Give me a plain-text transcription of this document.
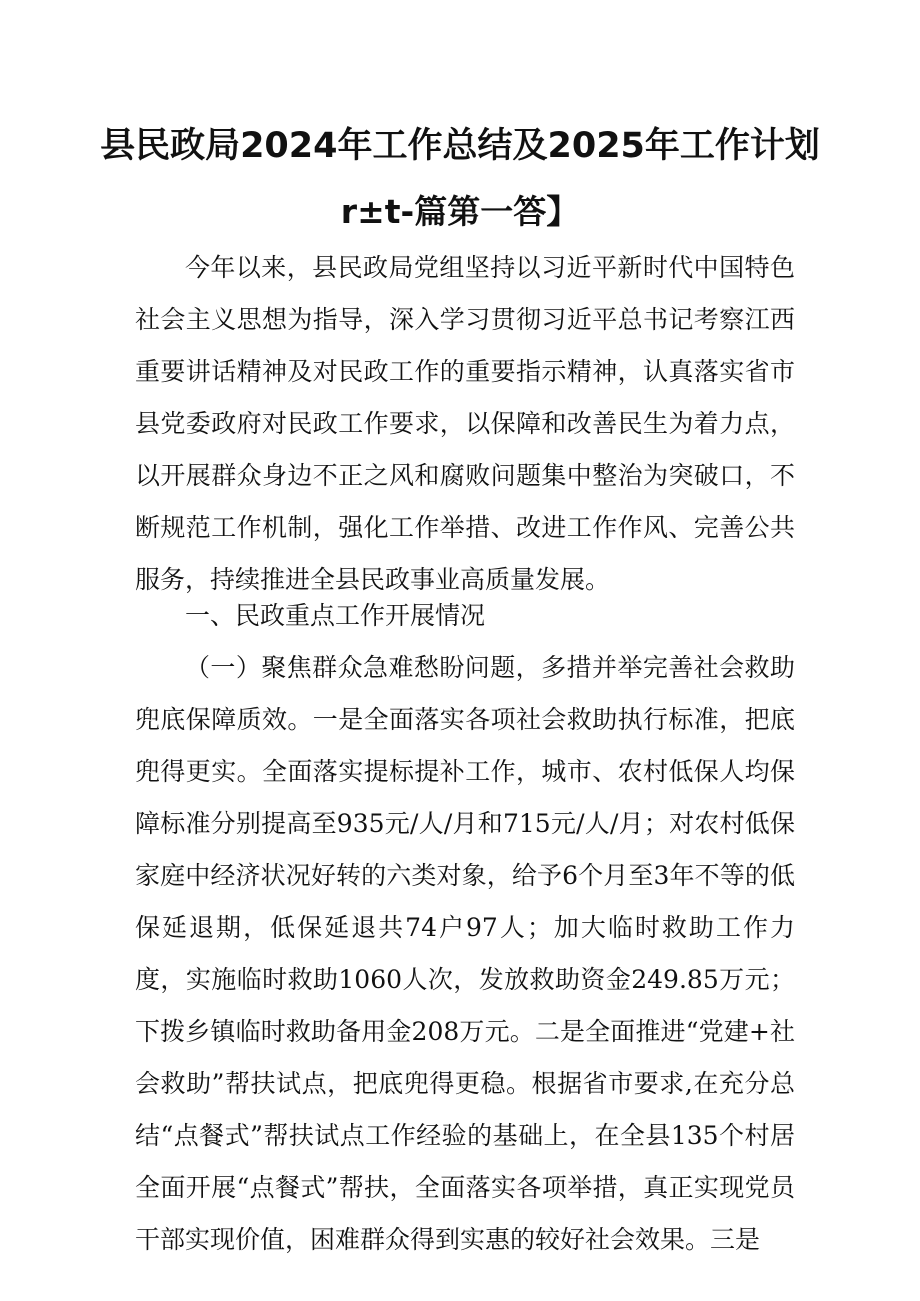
县民政局2024年工作总结及2025年工作计划
r±t-篇第一答】

今年以来，县民政局党组坚持以习近平新时代中国特色社会主义思想为指导，深入学习贯彻习近平总书记考察江西重要讲话精神及对民政工作的重要指示精神，认真落实省市县党委政府对民政工作要求，以保障和改善民生为着力点，以开展群众身边不正之风和腐败问题集中整治为突破口，不断规范工作机制，强化工作举措、改进工作作风、完善公共服务，持续推进全县民政事业高质量发展。

一、民政重点工作开展情况

（一）聚焦群众急难愁盼问题，多措并举完善社会救助兜底保障质效。一是全面落实各项社会救助执行标准，把底兜得更实。全面落实提标提补工作，城市、农村低保人均保障标准分别提高至935元/人/月和715元/人/月；对农村低保家庭中经济状况好转的六类对象，给予6个月至3年不等的低保延退期，低保延退共74户97人；加大临时救助工作力度，实施临时救助1060人次，发放救助资金249.85万元；下拨乡镇临时救助备用金208万元。二是全面推进“党建+社会救助”帮扶试点，把底兜得更稳。根据省市要求,在充分总结“点餐式”帮扶试点工作经验的基础上，在全县135个村居全面开展“点餐式”帮扶，全面落实各项举措，真正实现党员干部实现价值，困难群众得到实惠的较好社会效果。三是
